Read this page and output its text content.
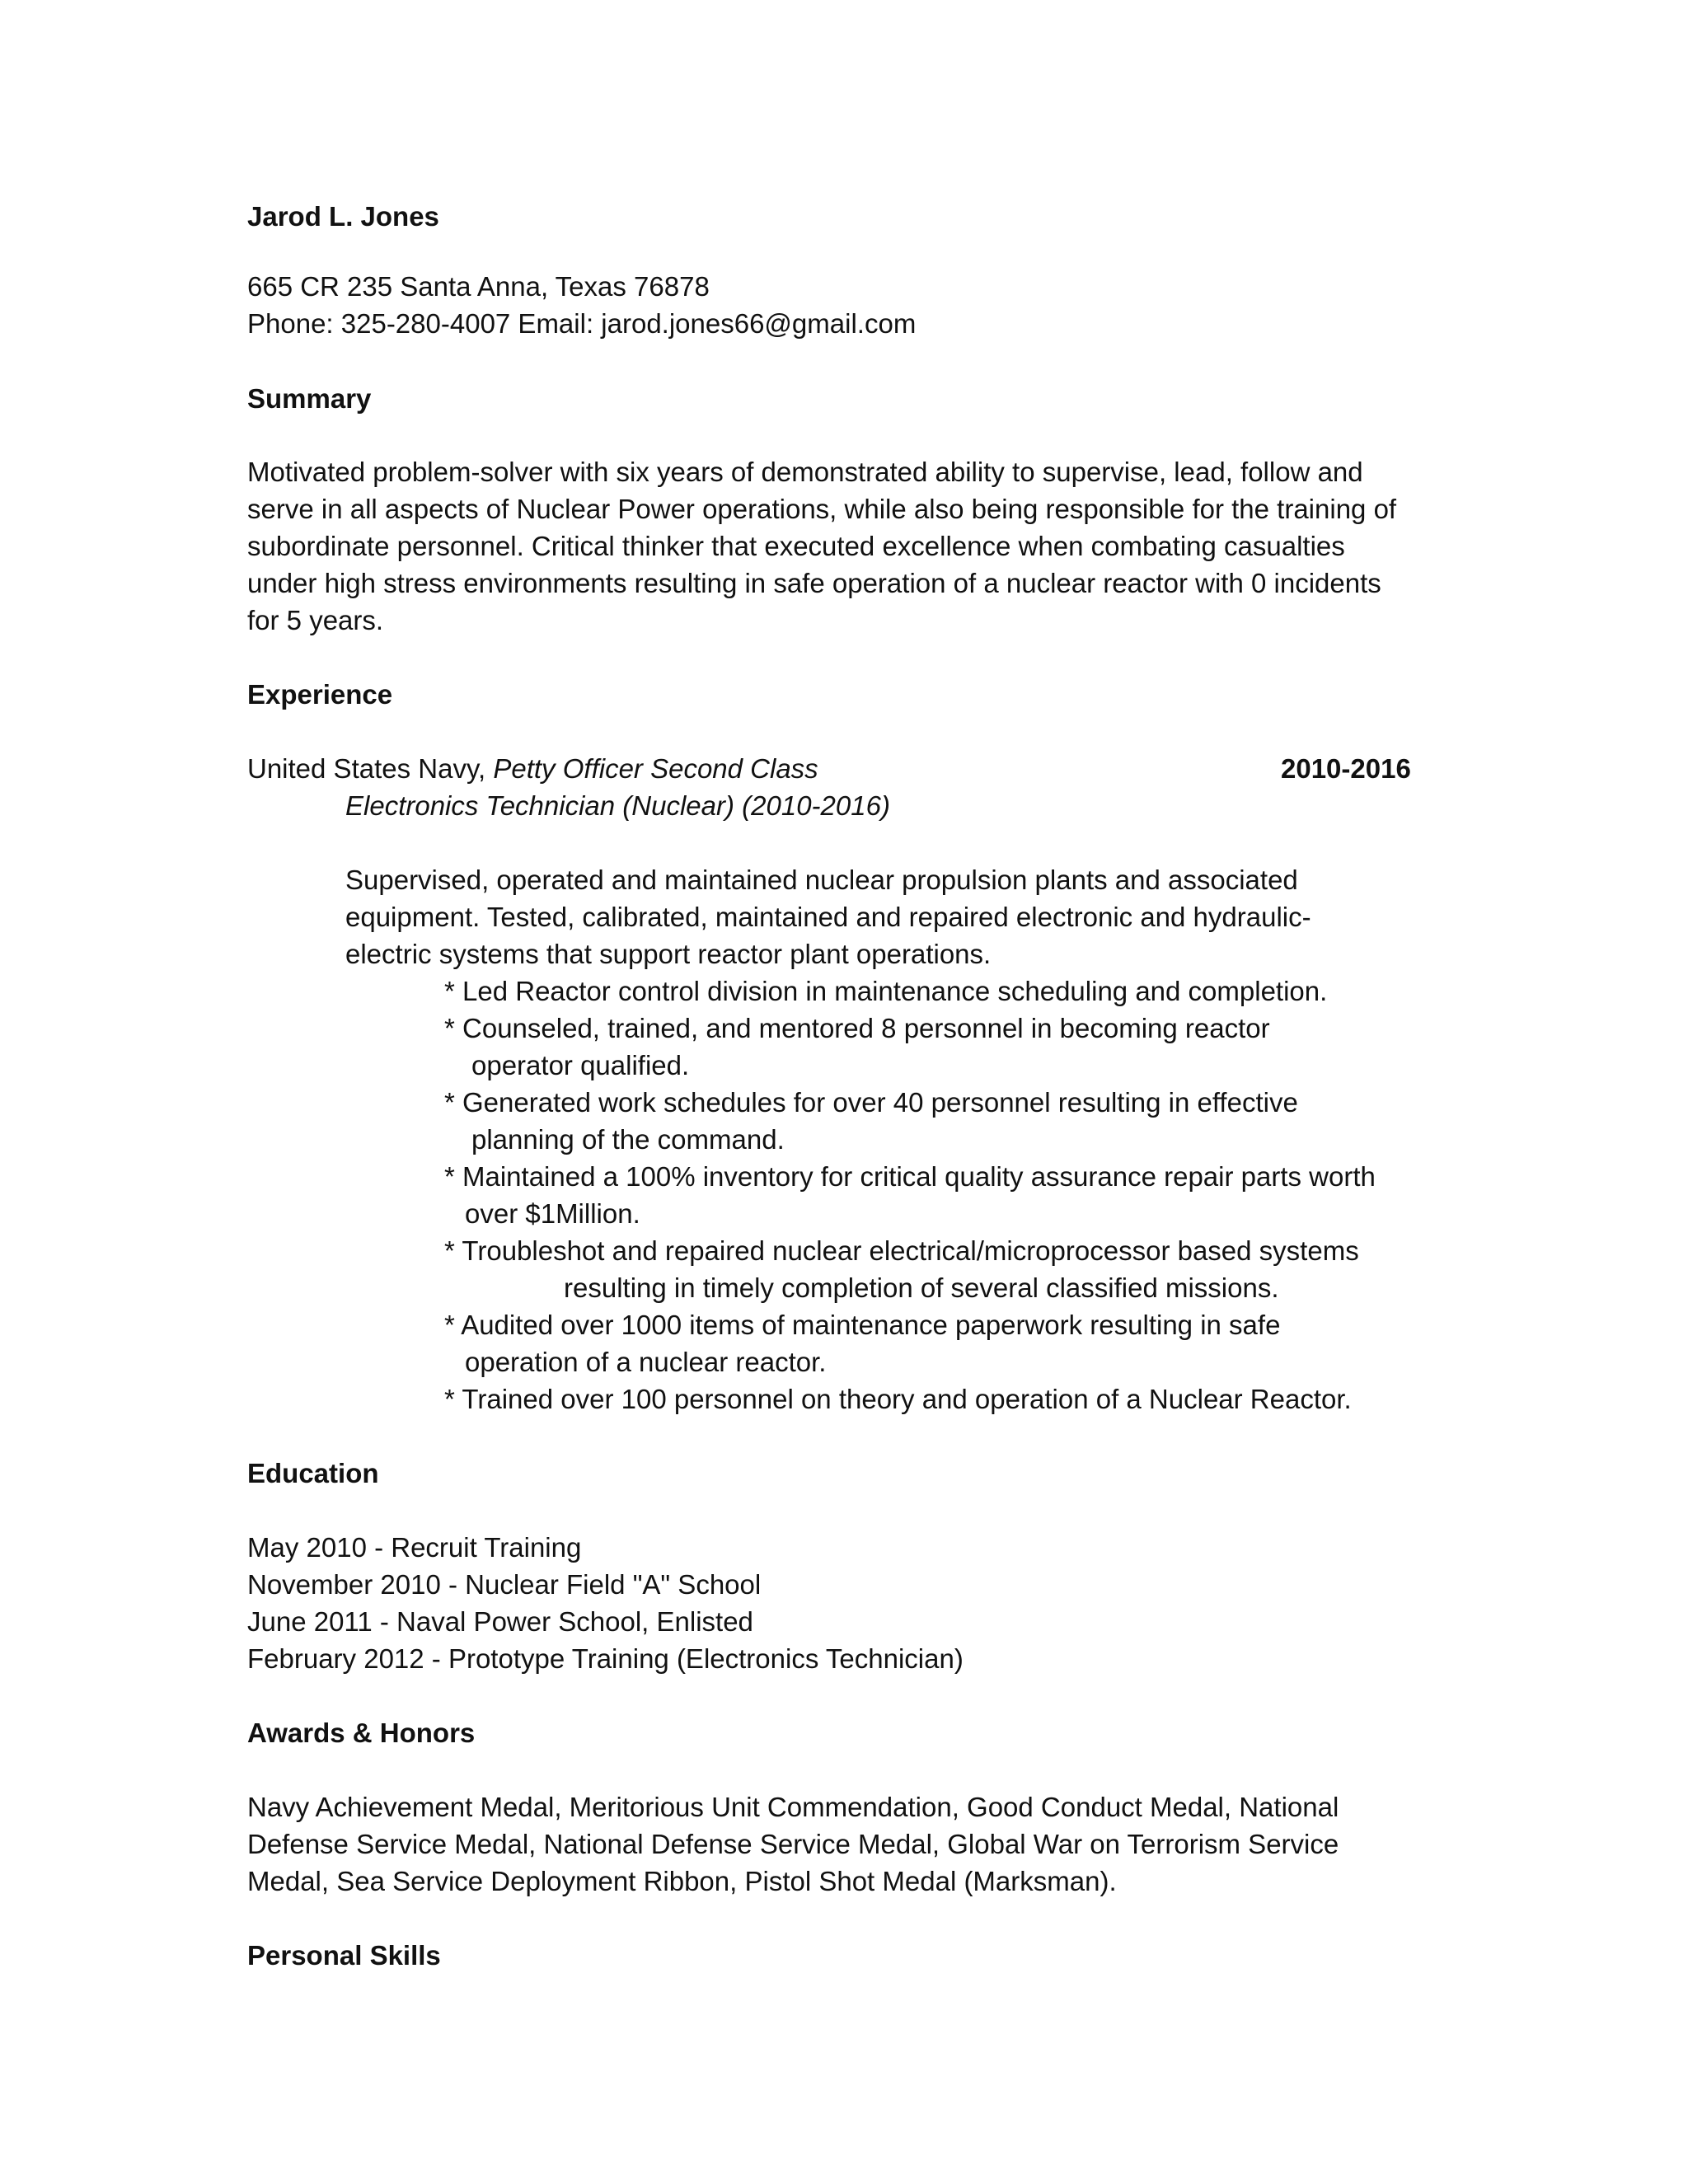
Jarod L. Jones
665 CR 235 Santa Anna, Texas 76878
Phone: 325-280-4007 Email: jarod.jones66@gmail.com
Summary
Motivated problem-solver with six years of demonstrated ability to supervise, lead, follow and
serve in all aspects of Nuclear Power operations, while also being responsible for the training of
subordinate personnel. Critical thinker that executed excellence when combating casualties
under high stress environments resulting in safe operation of a nuclear reactor with 0 incidents
for 5 years.
Experience
United States Navy, Petty Officer Second Class	2010-2016
Electronics Technician (Nuclear) (2010-2016)
Supervised, operated and maintained nuclear propulsion plants and associated
equipment. Tested, calibrated, maintained and repaired electronic and hydraulic-
electric systems that support reactor plant operations.
* Led Reactor control division in maintenance scheduling and completion.
* Counseled, trained, and mentored 8 personnel in becoming reactor
operator qualified.
* Generated work schedules for over 40 personnel resulting in effective
planning of the command.
* Maintained a 100% inventory for critical quality assurance repair parts worth
over $1Million.
* Troubleshot and repaired nuclear electrical/microprocessor based systems
resulting in timely completion of several classified missions.
* Audited over 1000 items of maintenance paperwork resulting in safe
operation of a nuclear reactor.
* Trained over 100 personnel on theory and operation of a Nuclear Reactor.
Education
May 2010 - Recruit Training
November 2010 - Nuclear Field "A" School
June 2011 - Naval Power School, Enlisted
February 2012 - Prototype Training (Electronics Technician)
Awards & Honors
Navy Achievement Medal, Meritorious Unit Commendation, Good Conduct Medal, National
Defense Service Medal, National Defense Service Medal, Global War on Terrorism Service
Medal, Sea Service Deployment Ribbon, Pistol Shot Medal (Marksman).
Personal Skills
